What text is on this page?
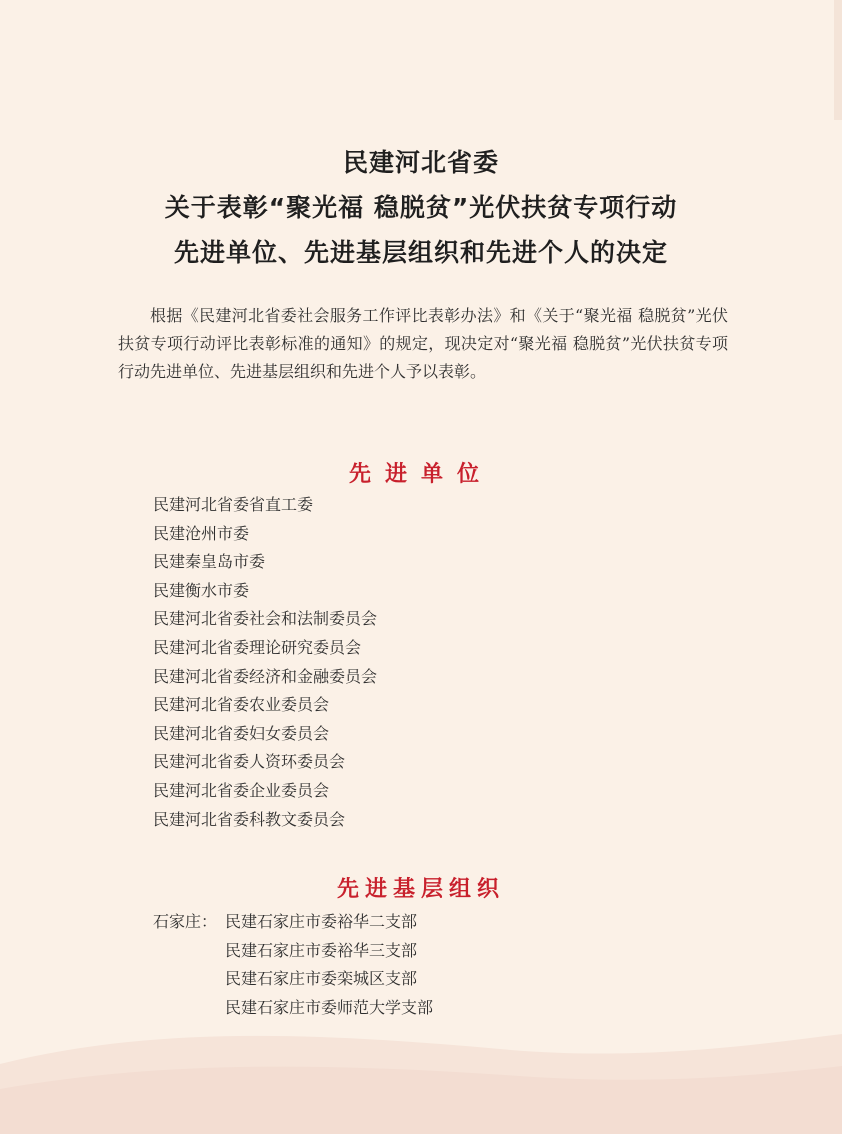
民建河北省委

关于表彰“聚光福 稳脱贫”光伏扶贫专项行动

先进单位、先进基层组织和先进个人的决定

根据《民建河北省委社会服务工作评比表彰办法》和《关于“聚光福 稳脱贫”光伏扶贫专项行动评比表彰标准的通知》的规定，现决定对“聚光福 稳脱贫”光伏扶贫专项行动先进单位、先进基层组织和先进个人予以表彰。

先进单位
民建河北省委省直工委
民建沧州市委
民建秦皇岛市委
民建衡水市委
民建河北省委社会和法制委员会
民建河北省委理论研究委员会
民建河北省委经济和金融委员会
民建河北省委农业委员会
民建河北省委妇女委员会
民建河北省委人资环委员会
民建河北省委企业委员会
民建河北省委科教文委员会
先进基层组织
石家庄： 民建石家庄市委裕华二支部
民建石家庄市委裕华三支部
民建石家庄市委栾城区支部
民建石家庄市委师范大学支部
